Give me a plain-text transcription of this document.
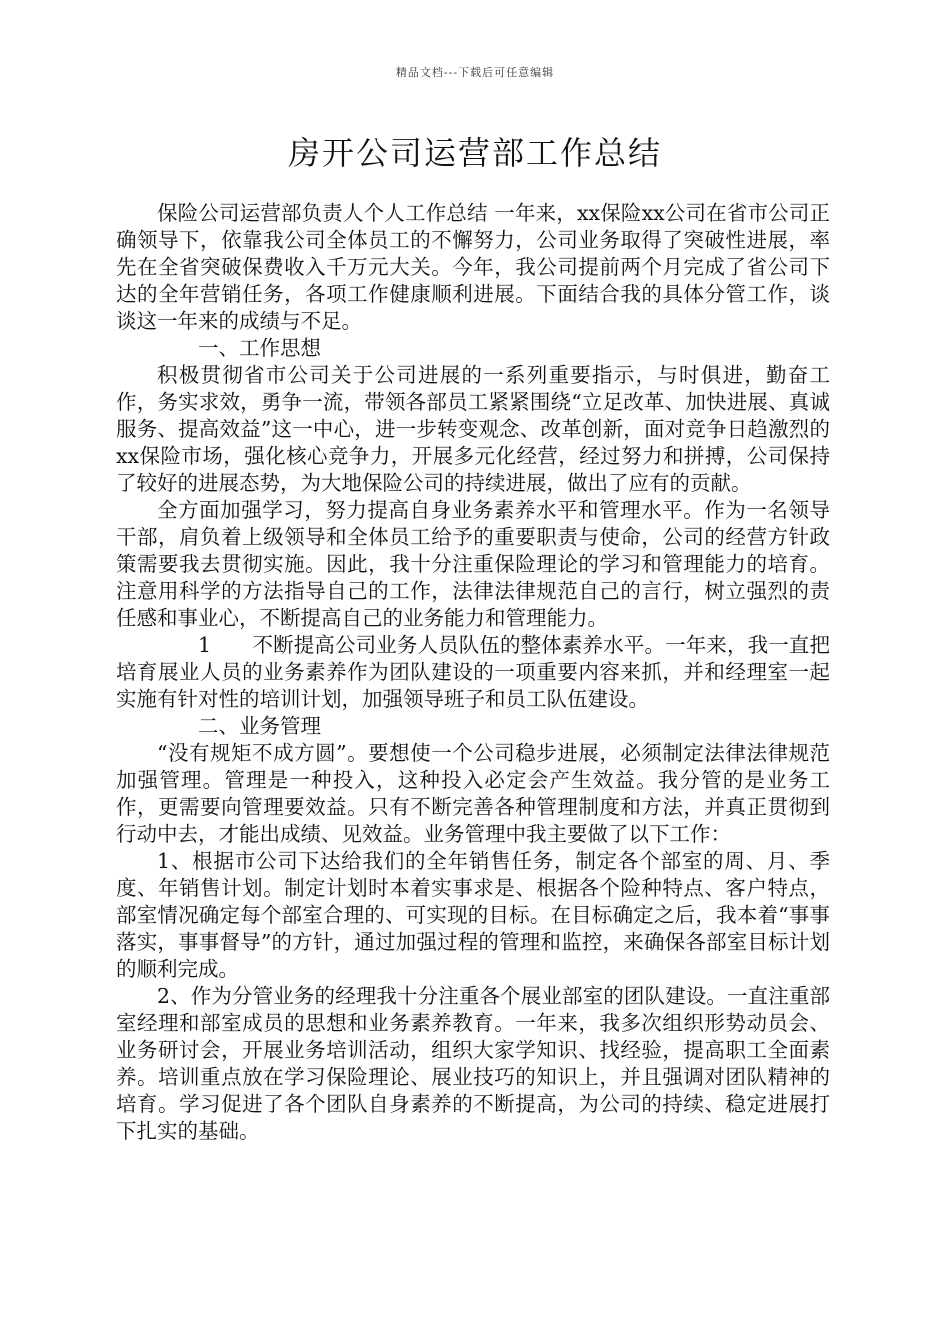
精品文档---下载后可任意编辑
房开公司运营部工作总结

保险公司运营部负责人个人工作总结 一年来，xx保险xx公司在省市公司正确领导下，依靠我公司全体员工的不懈努力，公司业务取得了突破性进展，率先在全省突破保费收入千万元大关。今年，我公司提前两个月完成了省公司下达的全年营销任务，各项工作健康顺利进展。下面结合我的具体分管工作，谈谈这一年来的成绩与不足。

一、工作思想

积极贯彻省市公司关于公司进展的一系列重要指示，与时俱进，勤奋工作，务实求效，勇争一流，带领各部员工紧紧围绕“立足改革、加快进展、真诚服务、提高效益”这一中心，进一步转变观念、改革创新，面对竞争日趋激烈的xx保险市场，强化核心竞争力，开展多元化经营，经过努力和拼搏，公司保持了较好的进展态势，为大地保险公司的持续进展，做出了应有的贡献。

全方面加强学习，努力提高自身业务素养水平和管理水平。作为一名领导干部，肩负着上级领导和全体员工给予的重要职责与使命，公司的经营方针政策需要我去贯彻实施。因此，我十分注重保险理论的学习和管理能力的培育。注意用科学的方法指导自己的工作，法律法律规范自己的言行，树立强烈的责任感和事业心，不断提高自己的业务能力和管理能力。

1　　不断提高公司业务人员队伍的整体素养水平。一年来，我一直把培育展业人员的业务素养作为团队建设的一项重要内容来抓，并和经理室一起实施有针对性的培训计划，加强领导班子和员工队伍建设。

二、业务管理

“没有规矩不成方圆”。要想使一个公司稳步进展，必须制定法律法律规范加强管理。管理是一种投入，这种投入必定会产生效益。我分管的是业务工作，更需要向管理要效益。只有不断完善各种管理制度和方法，并真正贯彻到行动中去，才能出成绩、见效益。业务管理中我主要做了以下工作：

1、根据市公司下达给我们的全年销售任务，制定各个部室的周、月、季度、年销售计划。制定计划时本着实事求是、根据各个险种特点、客户特点，部室情况确定每个部室合理的、可实现的目标。在目标确定之后，我本着“事事落实，事事督导”的方针，通过加强过程的管理和监控，来确保各部室目标计划的顺利完成。

2、作为分管业务的经理我十分注重各个展业部室的团队建设。一直注重部室经理和部室成员的思想和业务素养教育。一年来，我多次组织形势动员会、业务研讨会，开展业务培训活动，组织大家学知识、找经验，提高职工全面素养。培训重点放在学习保险理论、展业技巧的知识上，并且强调对团队精神的培育。学习促进了各个团队自身素养的不断提高，为公司的持续、稳定进展打下扎实的基础。
